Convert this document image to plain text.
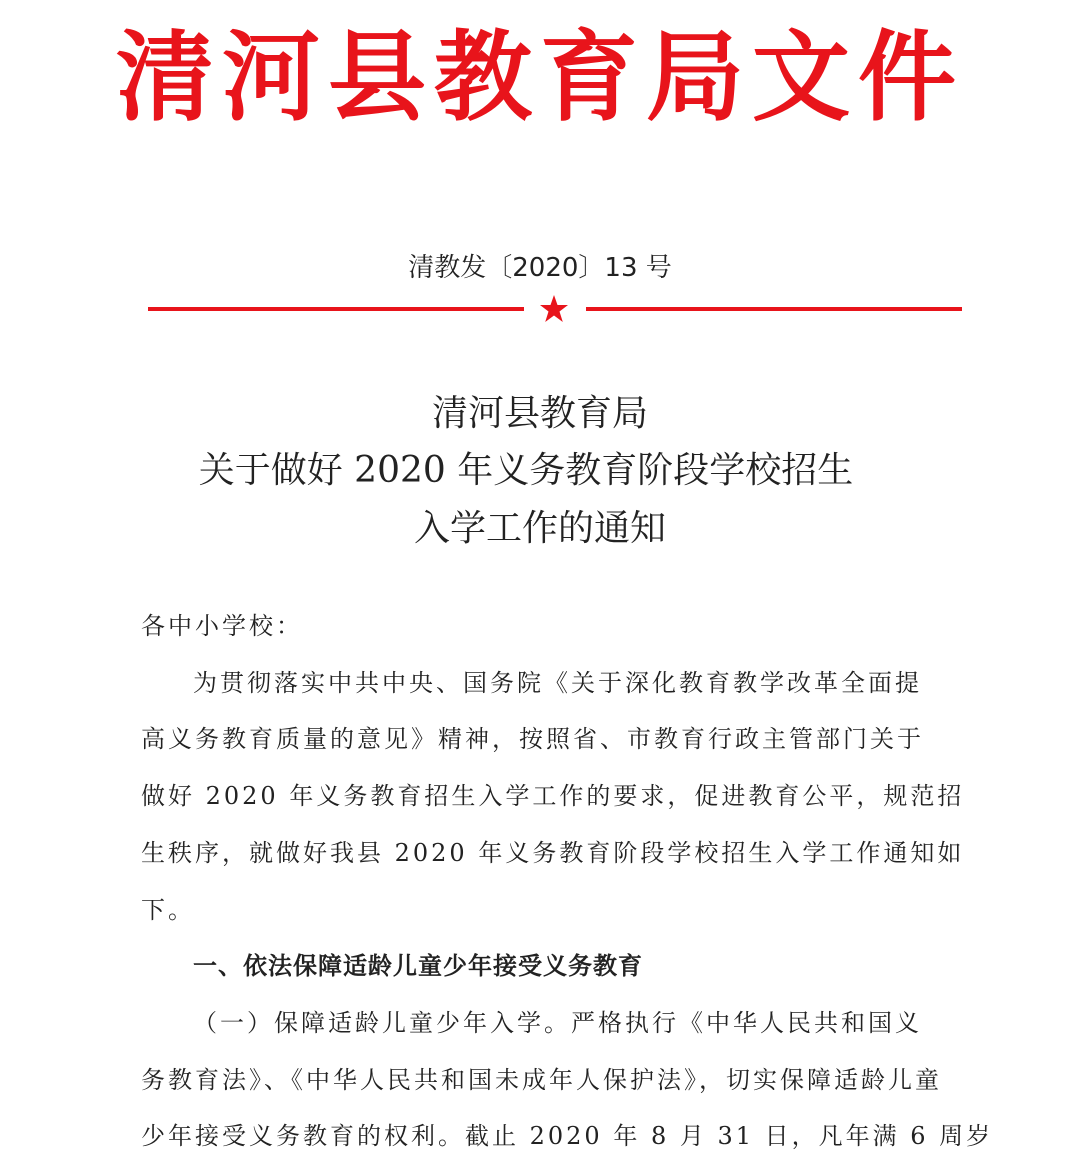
清河县教育局文件
清教发〔2020〕13 号
清河县教育局
关于做好 2020 年义务教育阶段学校招生
入学工作的通知
各中小学校：
为贯彻落实中共中央、国务院《关于深化教育教学改革全面提
高义务教育质量的意见》精神，按照省、市教育行政主管部门关于
做好 2020 年义务教育招生入学工作的要求，促进教育公平，规范招
生秩序，就做好我县 2020 年义务教育阶段学校招生入学工作通知如
下。
一、依法保障适龄儿童少年接受义务教育
（一）保障适龄儿童少年入学。严格执行《中华人民共和国义
务教育法》、《中华人民共和国未成年人保护法》，切实保障适龄儿童
少年接受义务教育的权利。截止 2020 年 8 月 31 日，凡年满 6 周岁
